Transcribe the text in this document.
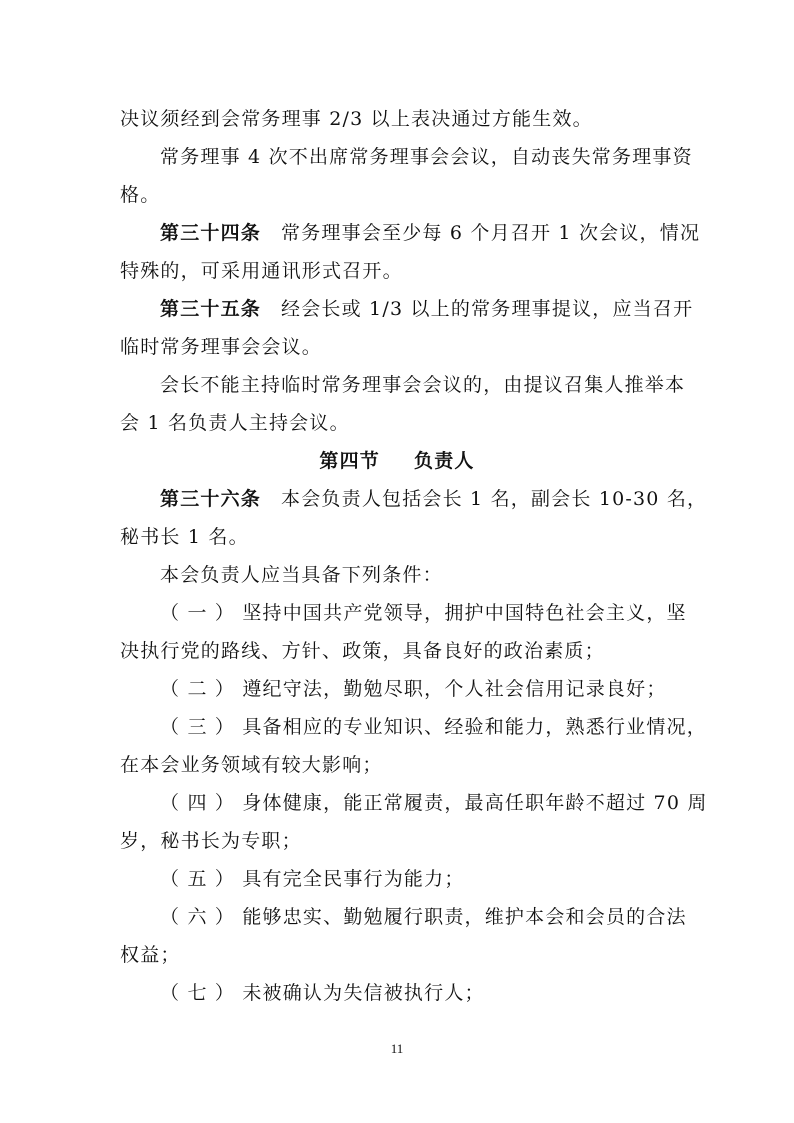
决议须经到会常务理事 2/3 以上表决通过方能生效。
常务理事 4 次不出席常务理事会会议，自动丧失常务理事资
格。
第三十四条 常务理事会至少每 6 个月召开 1 次会议，情况
特殊的，可采用通讯形式召开。
第三十五条 经会长或 1/3 以上的常务理事提议，应当召开
临时常务理事会会议。
会长不能主持临时常务理事会会议的，由提议召集人推举本
会 1 名负责人主持会议。
第四节 负责人
第三十六条 本会负责人包括会长 1 名，副会长 10-30 名，
秘书长 1 名。
本会负责人应当具备下列条件：
（ 一 ） 坚持中国共产党领导，拥护中国特色社会主义，坚
决执行党的路线、方针、政策，具备良好的政治素质；
（ 二 ） 遵纪守法，勤勉尽职，个人社会信用记录良好；
（ 三 ） 具备相应的专业知识、经验和能力，熟悉行业情况，
在本会业务领域有较大影响；
（ 四 ） 身体健康，能正常履责，最高任职年龄不超过 70 周
岁，秘书长为专职；
（ 五 ） 具有完全民事行为能力；
（ 六 ） 能够忠实、勤勉履行职责，维护本会和会员的合法
权益；
（ 七 ） 未被确认为失信被执行人；
11
